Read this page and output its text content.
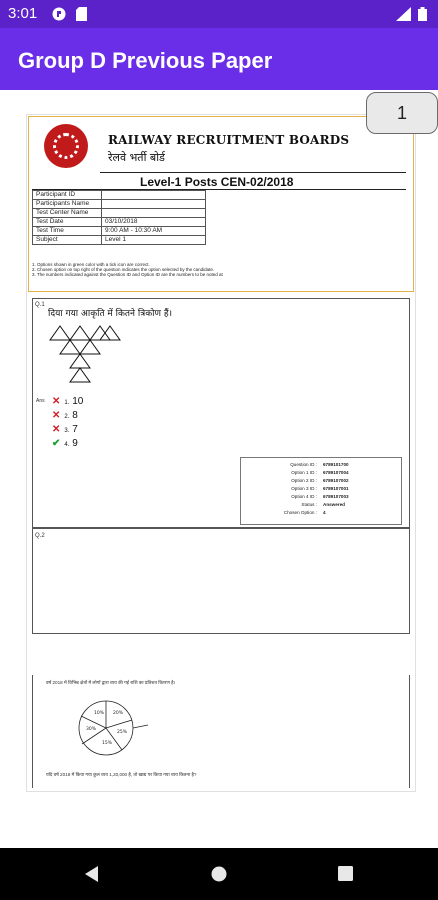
3:01
Group D Previous Paper
RAILWAY RECRUITMENT BOARDS
रेलवे भर्ती बोर्ड
Level-1 Posts CEN-02/2018
Participant ID	
Participants Name	
Test Center Name	
Test Date	03/10/2018
Test Time	9:00 AM - 10:30 AM
Subject	Level 1
1. Options shown in green color with a tick icon are correct.
2. Chosen option on top right of the question indicates the option selected by the candidate.
3. The numbers indicated against the Question ID and Option ID are the numbers to be noted at
1
Q.1
दिया गया आकृति में कितने त्रिकोण हैं।
Ans ✕ 1. 10
✕ 2. 8
✕ 3. 7
✔ 4. 9
Question ID : 6789101700
Option 1 ID : 6789107004
Option 2 ID : 6789107002
Option 3 ID : 6789107001
Option 4 ID : 6789107003
Status : Answered
Chosen Option : 4
Q.2
वर्ष 2018 में विभिन्न क्षेत्रों में लोगों द्वारा व्यय की गई राशि का प्रतिशत वितरण है।
10% 20%
25%
15%
30%
यदि वर्ष 2018 में किया गया कुल व्यय 1,20,000 है, तो खाद्य पर किया गया व्यय कितना है?
